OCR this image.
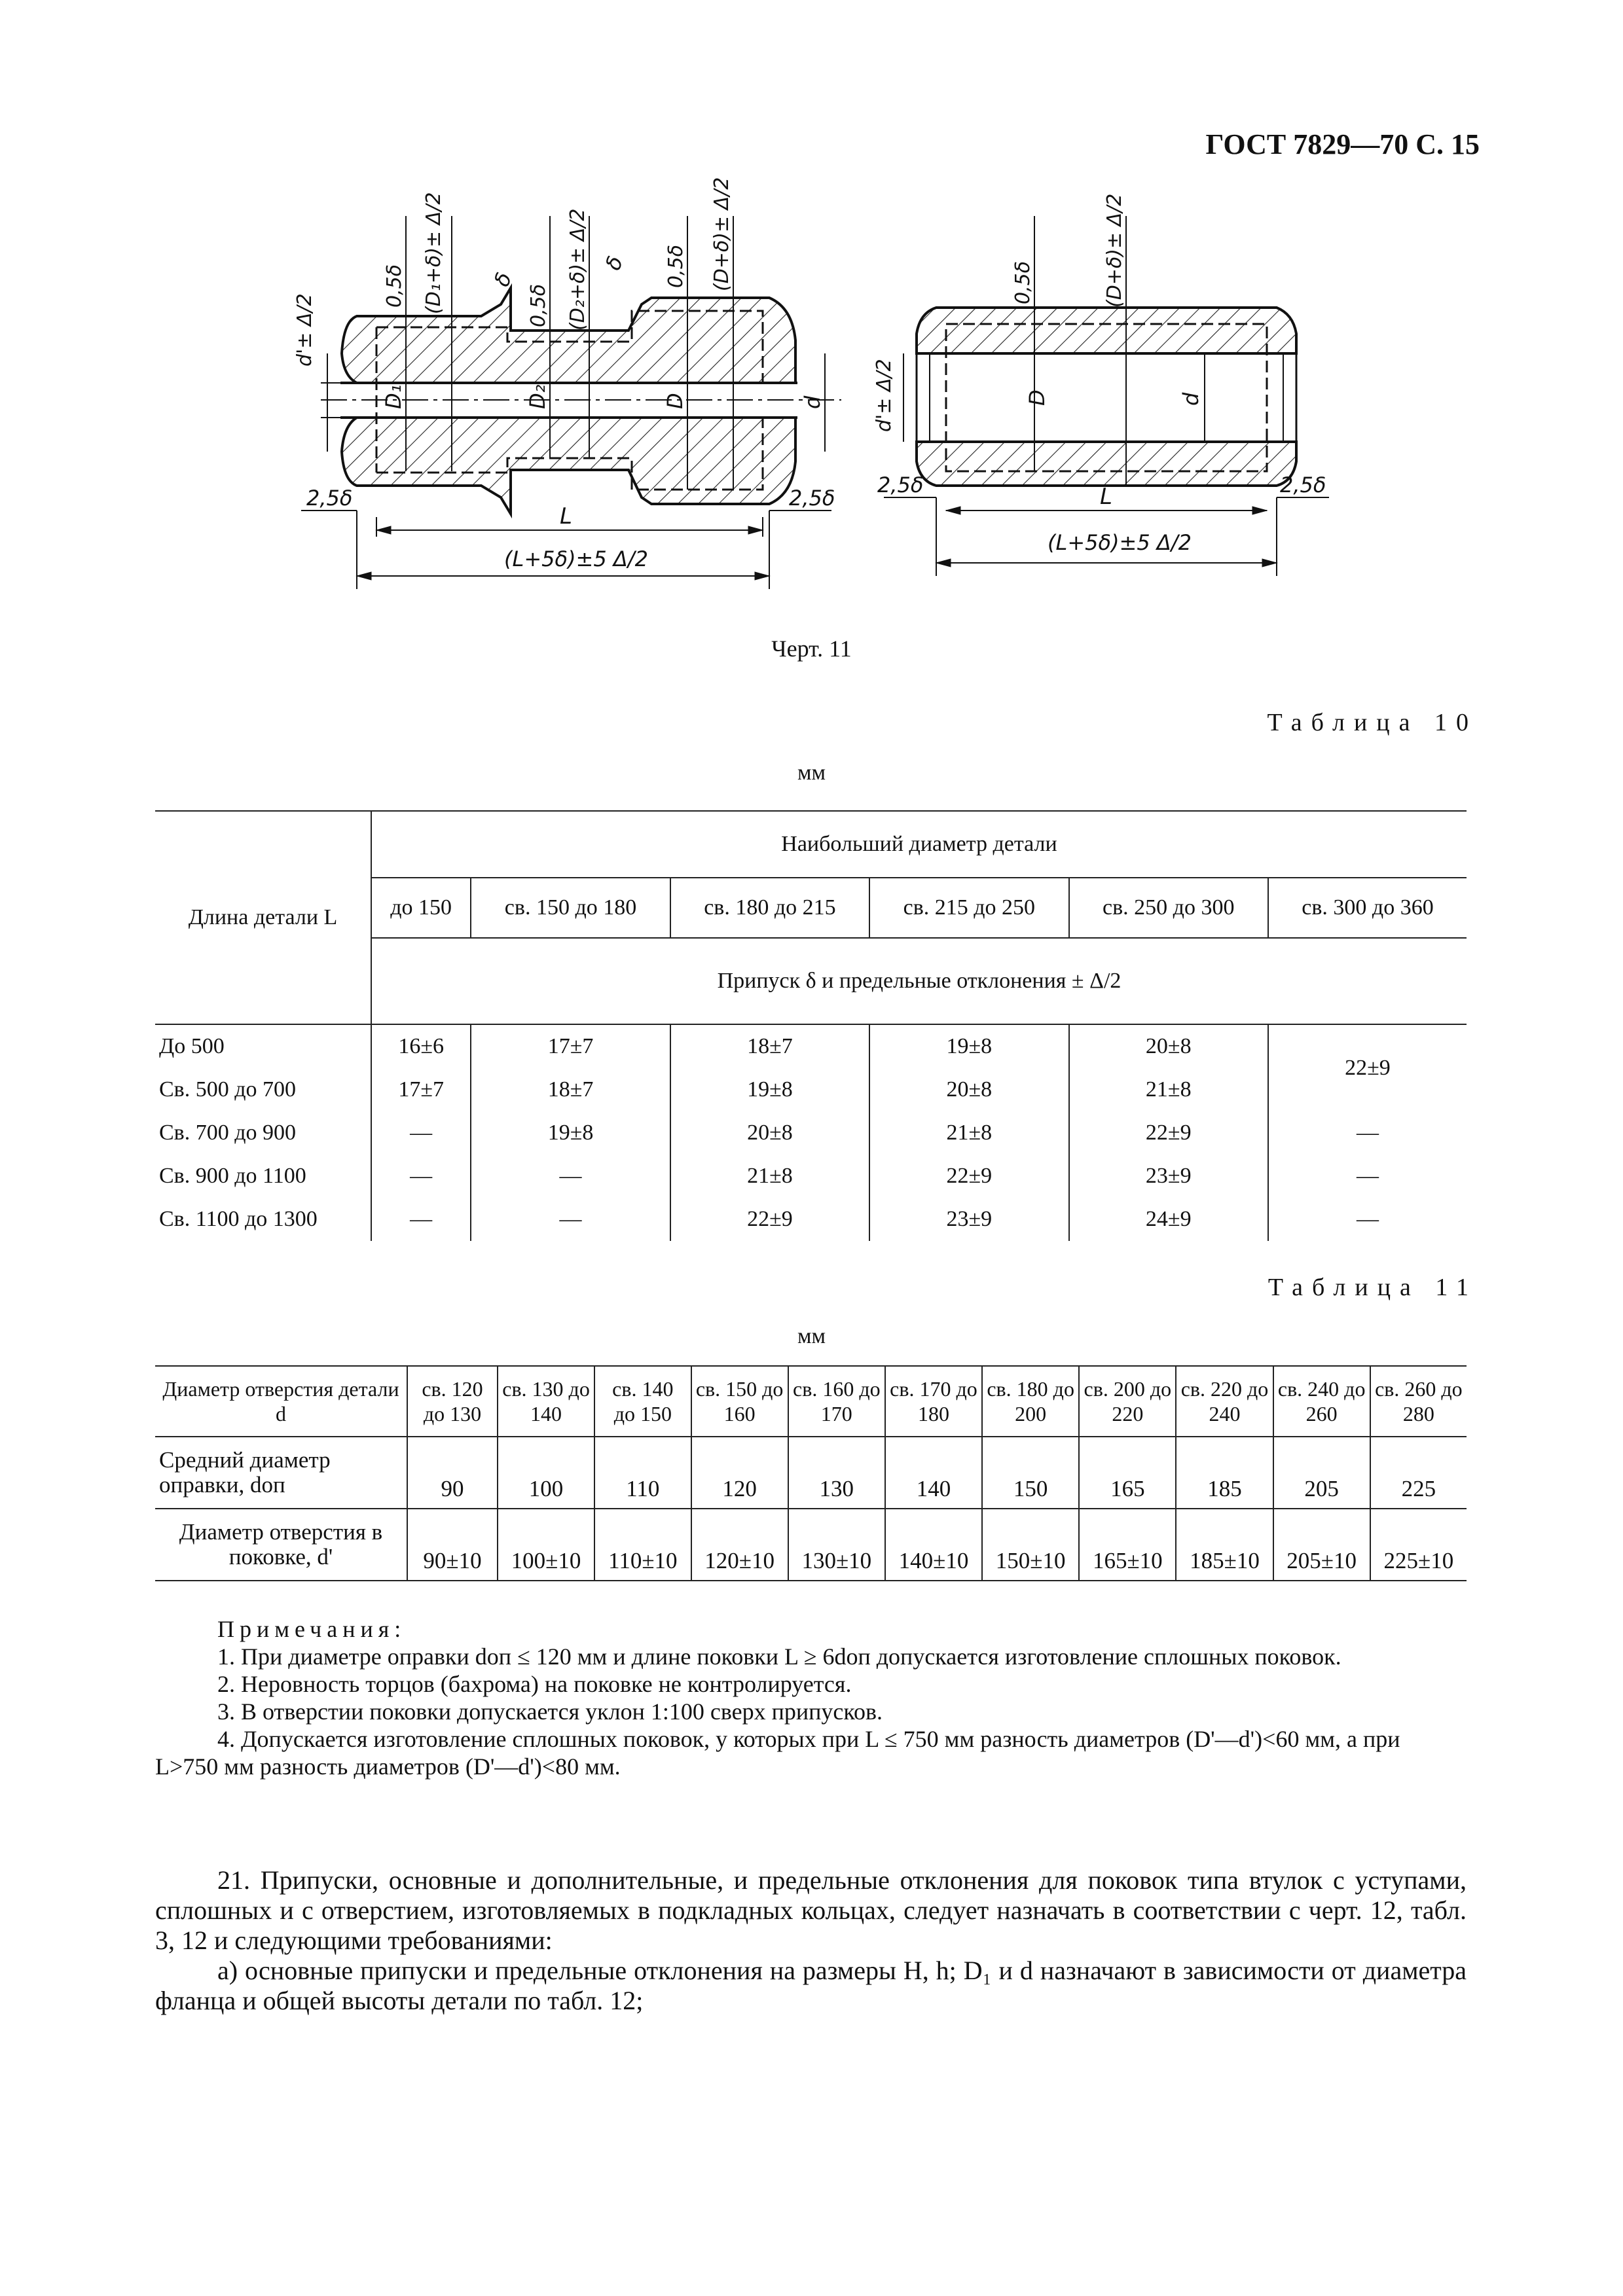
ГОСТ 7829—70 С. 15
d'± Δ/2
0,5δ (D₁+δ)± Δ/2 δ
0,5δ (D₂+δ)± Δ/2 δ 0,5δ (D+δ)± Δ/2
D₁	D₂	D	d
2,5δ	2,5δ
L
(L+5δ)±5 Δ/2
d'± Δ/2
0,5δ	(D+δ)± Δ/2
D	d
2,5δ	2,5δ
L
(L+5δ)±5 Δ/2
Черт. 11
Таблица 10
мм
Длина детали L	Наибольший диаметр детали					
	до 150	св. 150 до 180	св. 180 до 215	св. 215 до 250	св. 250 до 300	св. 300 до 360
	Припуск δ и предельные отклонения ± Δ/2					
До 500	16±6	17±7	18±7	19±8	20±8	22±9
Св. 500 до 700	17±7	18±7	19±8	20±8	21±8	
Св. 700 до 900	—	19±8	20±8	21±8	22±9	—
Св. 900 до 1100	—	—	21±8	22±9	23±9	—
Св. 1100 до 1300	—	—	22±9	23±9	24±9	—
Таблица 11
мм
Диаметр отверстия детали d	св. 120 до 130	св. 130 до 140	св. 140 до 150	св. 150 до 160	св. 160 до 170	св. 170 до 180	св. 180 до 200	св. 200 до 220	св. 220 до 240	св. 240 до 260	св. 260 до 280
Средний диаметр оправки, dоп	90	100	110	120	130	140	150	165	185	205	225
Диаметр отверстия в поковке, d'	90±10	100±10	110±10	120±10	130±10	140±10	150±10	165±10	185±10	205±10	225±10

Примечания:

1. При диаметре оправки dоп ≤ 120 мм и длине поковки L ≥ 6dоп допускается изготовление сплошных поковок.

2. Неровность торцов (бахрома) на поковке не контролируется.

3. В отверстии поковки допускается уклон 1:100 сверх припусков.

4. Допускается изготовление сплошных поковок, у которых при L ≤ 750 мм разность диаметров (D'—d')<60 мм, а при L>750 мм разность диаметров (D'—d')<80 мм.

21. Припуски, основные и дополнительные, и предельные отклонения для поковок типа втулок с уступами, сплошных и с отверстием, изготовляемых в подкладных кольцах, следует назначать в соответствии с черт. 12, табл. 3, 12 и следующими требованиями:

а) основные припуски и предельные отклонения на размеры H, h; D₁ и d назначают в зависимости от диаметра фланца и общей высоты детали по табл. 12;
